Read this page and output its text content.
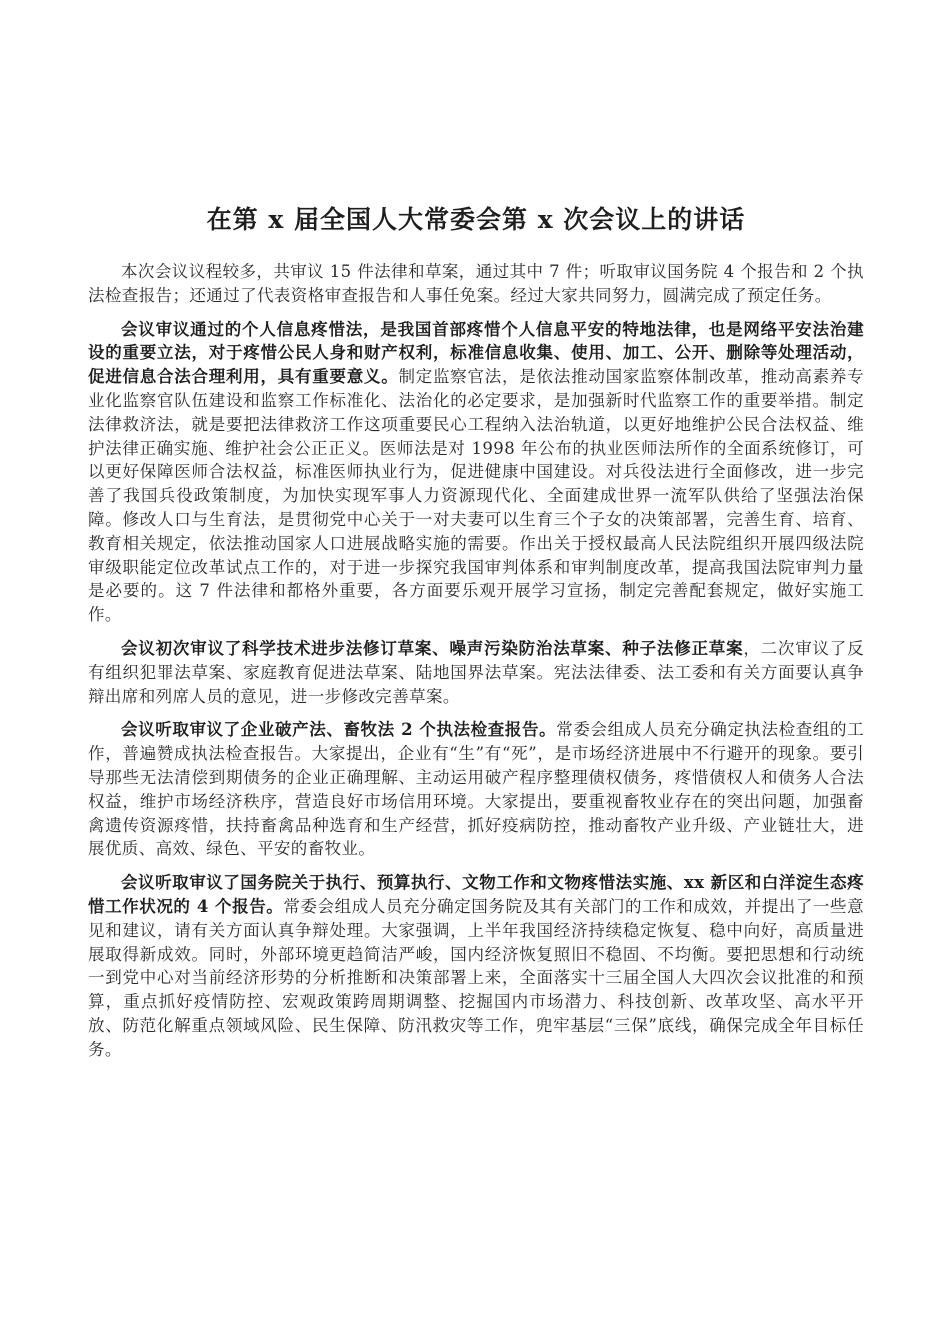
在第 x 届全国人大常委会第 x 次会议上的讲话

本次会议议程较多，共审议 15 件法律和草案，通过其中 7 件；听取审议国务院 4 个报告和 2 个执法检查报告；还通过了代表资格审查报告和人事任免案。经过大家共同努力，圆满完成了预定任务。

会议审议通过的个人信息疼惜法，是我国首部疼惜个人信息平安的特地法律，也是网络平安法治建设的重要立法，对于疼惜公民人身和财产权利，标准信息收集、使用、加工、公开、删除等处理活动，促进信息合法合理利用，具有重要意义。制定监察官法，是依法推动国家监察体制改革，推动高素养专业化监察官队伍建设和监察工作标准化、法治化的必定要求，是加强新时代监察工作的重要举措。制定法律救济法，就是要把法律救济工作这项重要民心工程纳入法治轨道，以更好地维护公民合法权益、维护法律正确实施、维护社会公正正义。医师法是对 1998 年公布的执业医师法所作的全面系统修订，可以更好保障医师合法权益，标准医师执业行为，促进健康中国建设。对兵役法进行全面修改，进一步完善了我国兵役政策制度，为加快实现军事人力资源现代化、全面建成世界一流军队供给了坚强法治保障。修改人口与生育法，是贯彻党中心关于一对夫妻可以生育三个子女的决策部署，完善生育、培育、教育相关规定，依法推动国家人口进展战略实施的需要。作出关于授权最高人民法院组织开展四级法院审级职能定位改革试点工作的，对于进一步探究我国审判体系和审判制度改革，提高我国法院审判力量是必要的。这 7 件法律和都格外重要，各方面要乐观开展学习宣扬，制定完善配套规定，做好实施工作。

会议初次审议了科学技术进步法修订草案、噪声污染防治法草案、种子法修正草案，二次审议了反有组织犯罪法草案、家庭教育促进法草案、陆地国界法草案。宪法法律委、法工委和有关方面要认真争辩出席和列席人员的意见，进一步修改完善草案。

会议听取审议了企业破产法、畜牧法 2 个执法检查报告。常委会组成人员充分确定执法检查组的工作，普遍赞成执法检查报告。大家提出，企业有“生”有“死”，是市场经济进展中不行避开的现象。要引导那些无法清偿到期债务的企业正确理解、主动运用破产程序整理债权债务，疼惜债权人和债务人合法权益，维护市场经济秩序，营造良好市场信用环境。大家提出，要重视畜牧业存在的突出问题，加强畜禽遗传资源疼惜，扶持畜禽品种选育和生产经营，抓好疫病防控，推动畜牧产业升级、产业链壮大，进展优质、高效、绿色、平安的畜牧业。

会议听取审议了国务院关于执行、预算执行、文物工作和文物疼惜法实施、xx 新区和白洋淀生态疼惜工作状况的 4 个报告。常委会组成人员充分确定国务院及其有关部门的工作和成效，并提出了一些意见和建议，请有关方面认真争辩处理。大家强调，上半年我国经济持续稳定恢复、稳中向好，高质量进展取得新成效。同时，外部环境更趋简洁严峻，国内经济恢复照旧不稳固、不均衡。要把思想和行动统一到党中心对当前经济形势的分析推断和决策部署上来，全面落实十三届全国人大四次会议批准的和预算，重点抓好疫情防控、宏观政策跨周期调整、挖掘国内市场潜力、科技创新、改革攻坚、高水平开放、防范化解重点领域风险、民生保障、防汛救灾等工作，兜牢基层“三保”底线，确保完成全年目标任务。
